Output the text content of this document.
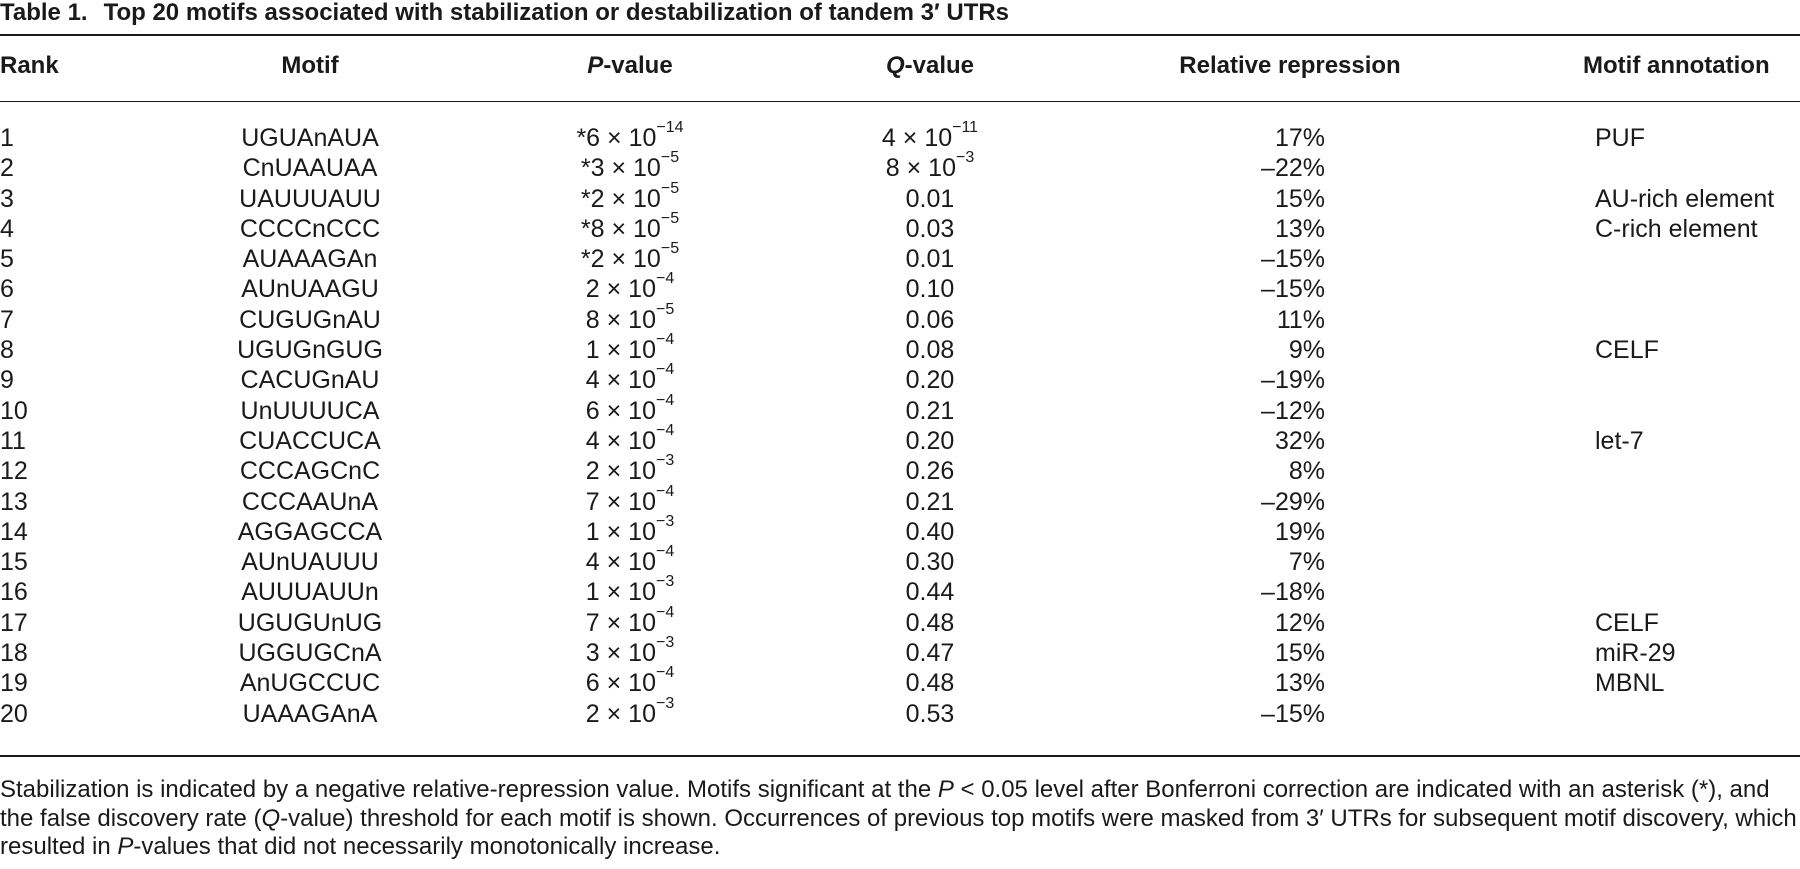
Table 1. Top 20 motifs associated with stabilization or destabilization of tandem 3′ UTRs
Rank	Motif	P-value	Q-value	Relative repression	Motif annotation
1	UGUAnAUA	$*6 \times 10^{-14}$	$4 \times 10^{-11}$	17%	PUF
2	CnUAAUAA	$*3 \times 10^{-5}$	$8 \times 10^{-3}$	–22%
3	UAUUUAUU	$*2 \times 10^{-5}$	0.01	15%	AU-rich element
4	CCCCnCCC	$*8 \times 10^{-5}$	0.03	13%	C-rich element
5	AUAAAGAn	$*2 \times 10^{-5}$	0.01	–15%
6	AUnUAAGU	$2 \times 10^{-4}$	0.10	–15%
7	CUGUGnAU	$8 \times 10^{-5}$	0.06	11%
8	UGUGnGUG	$1 \times 10^{-4}$	0.08	9%	CELF
9	CACUGnAU	$4 \times 10^{-4}$	0.20	–19%
10	UnUUUUCA	$6 \times 10^{-4}$	0.21	–12%
11	CUACCUCA	$4 \times 10^{-4}$	0.20	32%	let-7
12	CCCAGCnC	$2 \times 10^{-3}$	0.26	8%
13	CCCAAUnA	$7 \times 10^{-4}$	0.21	–29%
14	AGGAGCCA	$1 \times 10^{-3}$	0.40	19%
15	AUnUAUUU	$4 \times 10^{-4}$	0.30	7%
16	AUUUAUUn	$1 \times 10^{-3}$	0.44	–18%
17	UGUGUnUG	$7 \times 10^{-4}$	0.48	12%	CELF
18	UGGUGCnA	$3 \times 10^{-3}$	0.47	15%	miR-29
19	AnUGCCUC	$6 \times 10^{-4}$	0.48	13%	MBNL
20	UAAAGAnA	$2 \times 10^{-3}$	0.53	–15%

Stabilization is indicated by a negative relative-repression value. Motifs significant at the P < 0.05 level after Bonferroni correction are indicated with an asterisk (*), and the false discovery rate (Q-value) threshold for each motif is shown. Occurrences of previous top motifs were masked from 3′ UTRs for subsequent motif discovery, which resulted in P-values that did not necessarily monotonically increase.
